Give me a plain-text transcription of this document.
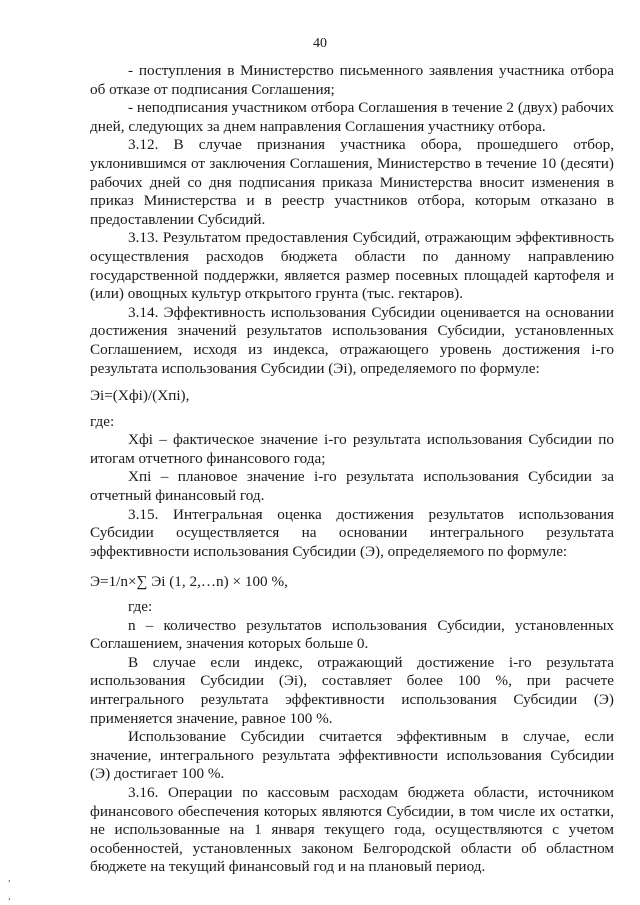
40
,
,

- поступления в Министерство письменного заявления участника отбора об отказе от подписания Соглашения;

- неподписания участником отбора Соглашения в течение 2 (двух) рабочих дней, следующих за днем направления Соглашения участнику отбора.

3.12. В случае признания участника обора, прошедшего отбор, уклонившимся от заключения Соглашения, Министерство в течение 10 (десяти) рабочих дней со дня подписания приказа Министерства вносит изменения в приказ Министерства и в реестр участников отбора, которым отказано в предоставлении Субсидий.

3.13. Результатом предоставления Субсидий, отражающим эффективность осуществления расходов бюджета области по данному направлению государственной поддержки, является размер посевных площадей картофеля и (или) овощных культур открытого грунта (тыс. гектаров).

3.14. Эффективность использования Субсидии оценивается на основании достижения значений результатов использования Субсидии, установленных Соглашением, исходя из индекса, отражающего уровень достижения i-го результата использования Субсидии (Эi), определяемого по формуле:

Эi=(Xфi)/(Xпi),

где:

Xфi – фактическое значение i-го результата использования Субсидии по итогам отчетного финансового года;

Xпi – плановое значение i-го результата использования Субсидии за отчетный финансовый год.

3.15. Интегральная оценка достижения результатов использования Субсидии осуществляется на основании интегрального результата эффективности использования Субсидии (Э), определяемого по формуле:

Э=1/n×∑ Эi (1, 2,…n) × 100 %,

где:

n – количество результатов использования Субсидии, установленных Соглашением, значения которых больше 0.

В случае если индекс, отражающий достижение i-го результата использования Субсидии (Эi), составляет более 100 %, при расчете интегрального результата эффективности использования Субсидии (Э) применяется значение, равное 100 %.

Использование Субсидии считается эффективным в случае, если значение, интегрального результата эффективности использования Субсидии (Э) достигает 100 %.

3.16. Операции по кассовым расходам бюджета области, источником финансового обеспечения которых являются Субсидии, в том числе их остатки, не использованные на 1 января текущего года, осуществляются с учетом особенностей, установленных законом Белгородской области об областном бюджете на текущий финансовый год и на плановый период.
